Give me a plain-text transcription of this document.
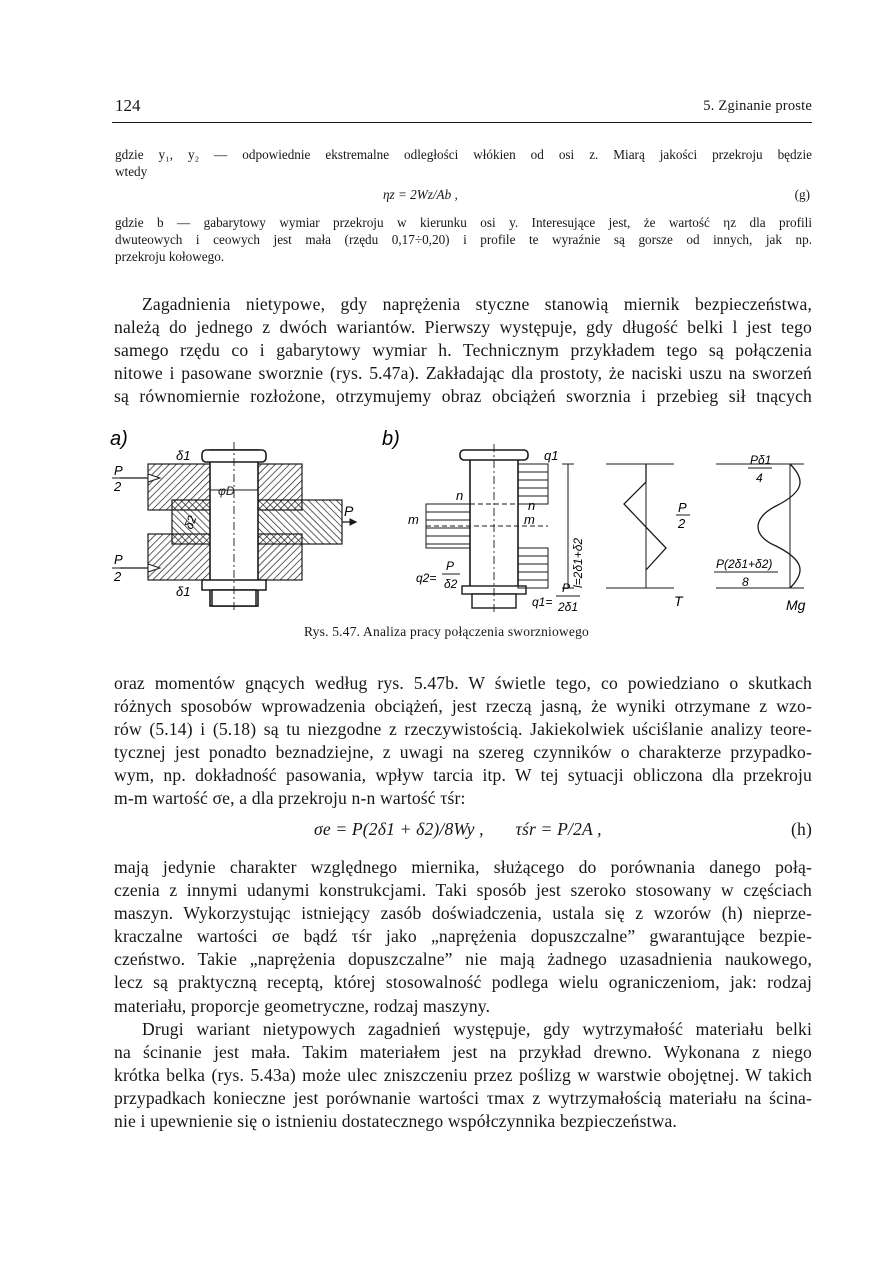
124	5. Zginanie proste
gdzie y₁, y₂ — odpowiednie ekstremalne odległości włókien od osi z. Miarą jakości przekroju będzie
wtedy
ηz = 2Wz/Ab ,	(g)
gdzie b — gabarytowy wymiar przekroju w kierunku osi y. Interesujące jest, że wartość ηz dla profili
dwuteowych i ceowych jest mała (rzędu 0,17÷0,20) i profile te wyraźnie są gorsze od innych, jak np.
przekroju kołowego.
Zagadnienia nietypowe, gdy naprężenia styczne stanowią miernik bezpieczeństwa,
należą do jednego z dwóch wariantów. Pierwszy występuje, gdy długość belki l jest tego
samego rzędu co i gabarytowy wymiar h. Technicznym przykładem tego są połączenia
nitowe i pasowane sworznie (rys. 5.47a). Zakładając dla prostoty, że naciski uszu na sworzeń
są równomiernie rozłożone, otrzymujemy obraz obciążeń sworznia i przebieg sił tnących
a)
δ1
δ1
φD
δ2
P
P
2
P
2
b)
q1
n
n
m	m
l=2δ1+δ2
q2=
P
δ2
q1=
P
2δ1
P
2
T
Pδ1
4
P(2δ1+δ2)
8
Mg
Rys. 5.47. Analiza pracy połączenia sworzniowego
oraz momentów gnących według rys. 5.47b. W świetle tego, co powiedziano o skutkach
różnych sposobów wprowadzenia obciążeń, jest rzeczą jasną, że wyniki otrzymane z wzo-
rów (5.14) i (5.18) są tu niezgodne z rzeczywistością. Jakiekolwiek uściślanie analizy teore-
tycznej jest ponadto beznadziejne, z uwagi na szereg czynników o charakterze przypadko-
wym, np. dokładność pasowania, wpływ tarcia itp. W tej sytuacji obliczona dla przekroju
m-m wartość σe, a dla przekroju n-n wartość τśr:
σe = P(2δ1 + δ2)/8Wy ,       τśr = P/2A ,	(h)
mają jedynie charakter względnego miernika, służącego do porównania danego połą-
czenia z innymi udanymi konstrukcjami. Taki sposób jest szeroko stosowany w częściach
maszyn. Wykorzystując istniejący zasób doświadczenia, ustala się z wzorów (h) nieprze-
kraczalne wartości σe bądź τśr jako „naprężenia dopuszczalne” gwarantujące bezpie-
czeństwo. Takie „naprężenia dopuszczalne” nie mają żadnego uzasadnienia naukowego,
lecz są praktyczną receptą, której stosowalność podlega wielu ograniczeniom, jak: rodzaj
materiału, proporcje geometryczne, rodzaj maszyny.
Drugi wariant nietypowych zagadnień występuje, gdy wytrzymałość materiału belki
na ścinanie jest mała. Takim materiałem jest na przykład drewno. Wykonana z niego
krótka belka (rys. 5.43a) może ulec zniszczeniu przez poślizg w warstwie obojętnej. W takich
przypadkach konieczne jest porównanie wartości τmax z wytrzymałością materiału na ścina-
nie i upewnienie się o istnieniu dostatecznego współczynnika bezpieczeństwa.
